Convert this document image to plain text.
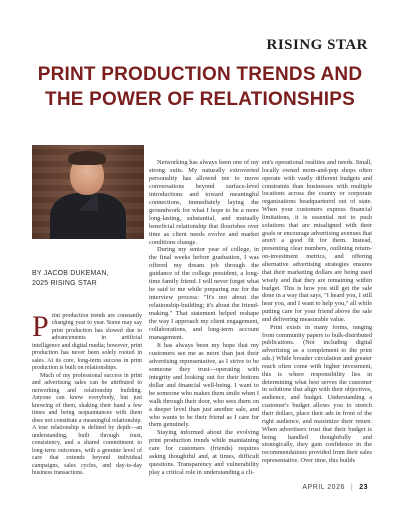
RISING STAR
PRINT PRODUCTION TRENDS AND
THE POWER OF RELATIONSHIPS
BY JACOB DUKEMAN,
2025 RISING STAR

Print production trends are constantly changing year to year. Some may say print production has slowed due to advancements in artificial intelligence and digital media; however, print production has never been solely rooted in sales. At its core, long-term success in print production is built on relationships.

Much of my professional success in print and advertising sales can be attributed to networking and relationship building. Anyone can know everybody, but just knowing of them, shaking their hand a few times and being acquaintances with them does not constitute a meaningful relationship. A true relationship is defined by depth—an understanding, built through trust, consistency, and a shared commitment to long-term outcomes, with a genuine level of care that extends beyond individual campaigns, sales cycles, and day-to-day business transactions.

Networking has always been one of my strong suits. My naturally extroverted personality has allowed me to move conversations beyond surface-level introductions and toward meaningful connections, immediately laying the groundwork for what I hope to be a more long-lasting, substantial, and mutually beneficial relationship that flourishes over time as client needs evolve and market conditions change.

During my senior year of college, in the final weeks before graduation, I was offered my dream job through the guidance of the college president, a long-time family friend. I will never forget what he said to me while preparing me for the interview process: "It's not about the relationship-building; it's about the friend-making." That statement helped reshape the way I approach my client engagement, collaborations, and long-term account management.

It has always been my hope that my customers see me as more than just their advertising representative, as I strive to be someone they trust—operating with integrity and looking out for their bottom dollar and financial well-being. I want to be someone who makes them smile when I walk through their door, who sees them on a deeper level than just another sale, and who wants to be their friend as I care for them genuinely.

Staying informed about the evolving print production trends while maintaining care for customers (friends) requires asking thoughtful and, at times, difficult questions. Transparency and vulnerability play a critical role in understanding a cli-

ent's operational realities and needs. Small, locally owned mom-and-pop shops often operate with vastly different budgets and constraints than businesses with multiple locations across the county or corporate organizations headquartered out of state. When your customers express financial limitations, it is essential not to push solutions that are misaligned with their goals or encourage advertising avenues that aren't a good fit for them. Instead, presenting clear numbers, outlining return-on-investment metrics, and offering alternative advertising strategies ensures that their marketing dollars are being used wisely and that they are remaining within budget. This is how you still get the sale done in a way that says, "I heard you, I still hear you, and I want to help you," all while putting care for your friend above the sale and delivering measurable value.

Print exists in many forms, ranging from community papers to bulk-distributed publications. (Not including digital advertising as a complement to the print ads.) While broader circulation and greater reach often come with higher investment, this is where responsibility lies in determining what best serves the customer in solutions that align with their objectives, audience, and budget. Understanding a customer's budget allows you to stretch their dollars, place their ads in front of the right audience, and maximize their return. When advertisers trust that their budget is being handled thoughtfully and strategically, they gain confidence in the recommendations provided from their sales representative. Over time, this builds

APRIL 2026 | 23
